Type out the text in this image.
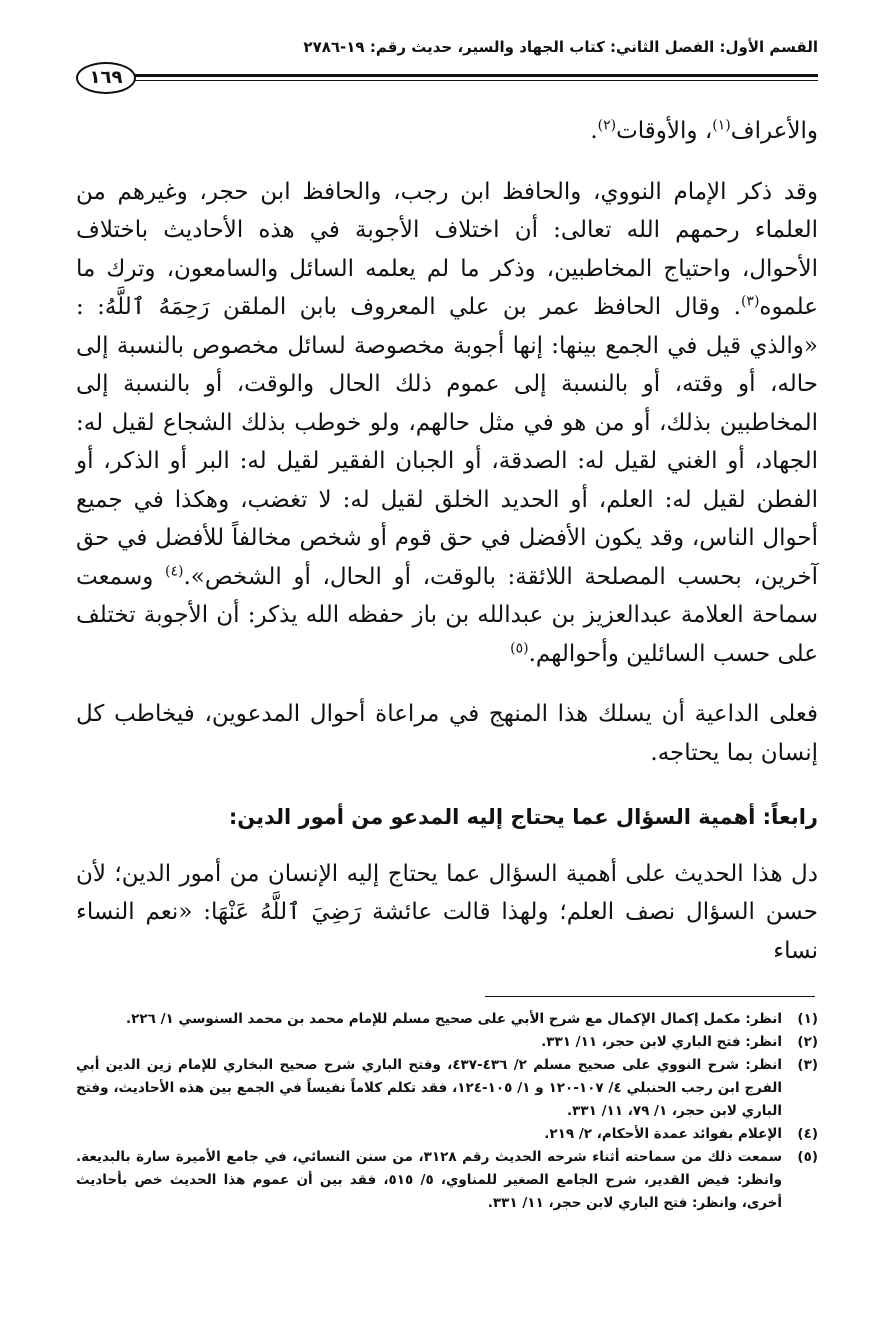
القسم الأول: الفصل الثاني: كتاب الجهاد والسير، حديث رقم: ١٩-٢٧٨٦
١٦٩

والأعراف$^{(١)}$، والأوقات$^{(٢)}$.

وقد ذكر الإمام النووي، والحافظ ابن رجب، والحافظ ابن حجر، وغيرهم من العلماء رحمهم الله تعالى: أن اختلاف الأجوبة في هذه الأحاديث باختلاف الأحوال، واحتياج المخاطبين، وذكر ما لم يعلمه السائل والسامعون، وترك ما علموه$^{(٣)}$. وقال الحافظ عمر بن علي المعروف بابن الملقن رَحِمَهُ ٱللَّهُ: : «والذي قيل في الجمع بينها: إنها أجوبة مخصوصة لسائل مخصوص بالنسبة إلى حاله، أو وقته، أو بالنسبة إلى عموم ذلك الحال والوقت، أو بالنسبة إلى المخاطبين بذلك، أو من هو في مثل حالهم، ولو خوطب بذلك الشجاع لقيل له: الجهاد، أو الغني لقيل له: الصدقة، أو الجبان الفقير لقيل له: البر أو الذكر، أو الفطن لقيل له: العلم، أو الحديد الخلق لقيل له: لا تغضب، وهكذا في جميع أحوال الناس، وقد يكون الأفضل في حق قوم أو شخص مخالفاً للأفضل في حق آخرين، بحسب المصلحة اللائقة: بالوقت، أو الحال، أو الشخص».$^{(٤)}$ وسمعت سماحة العلامة عبدالعزيز بن عبدالله بن باز حفظه الله يذكر: أن الأجوبة تختلف على حسب السائلين وأحوالهم.$^{(٥)}$

فعلى الداعية أن يسلك هذا المنهج في مراعاة أحوال المدعوين، فيخاطب كل إنسان بما يحتاجه.

رابعاً: أهمية السؤال عما يحتاج إليه المدعو من أمور الدين:

دل هذا الحديث على أهمية السؤال عما يحتاج إليه الإنسان من أمور الدين؛ لأن حسن السؤال نصف العلم؛ ولهذا قالت عائشة رَضِيَ ٱللَّهُ عَنْهَا: «نعم النساء نساء

(١)
انظر: مكمل إكمال الإكمال مع شرح الأبي على صحيح مسلم للإمام محمد بن محمد السنوسي ١/ ٢٢٦.
(٢)
انظر: فتح الباري لابن حجر، ١١/ ٣٣١.
(٣)
انظر: شرح النووي على صحيح مسلم ٢/ ٤٣٦-٤٣٧، وفتح الباري شرح صحيح البخاري للإمام زين الدين أبي الفرج ابن رجب الحنبلي ٤/ ١٠٧-١٢٠ و ١/ ١٠٥-١٢٤، فقد تكلم كلاماً نفيساً في الجمع بين هذه الأحاديث، وفتح الباري لابن حجر، ١/ ٧٩، ١١/ ٣٣١.
(٤)
الإعلام بفوائد عمدة الأحكام، ٢/ ٢١٩.
(٥)
سمعت ذلك من سماحته أثناء شرحه الحديث رقم ٣١٢٨، من سنن النسائي، في جامع الأميرة سارة بالبديعة. وانظر: فيض القدير، شرح الجامع الصغير للمناوي، ٥/ ٥١٥، فقد بين أن عموم هذا الحديث خص بأحاديث أخرى، وانظر: فتح الباري لابن حجر، ١١/ ٣٣١.
